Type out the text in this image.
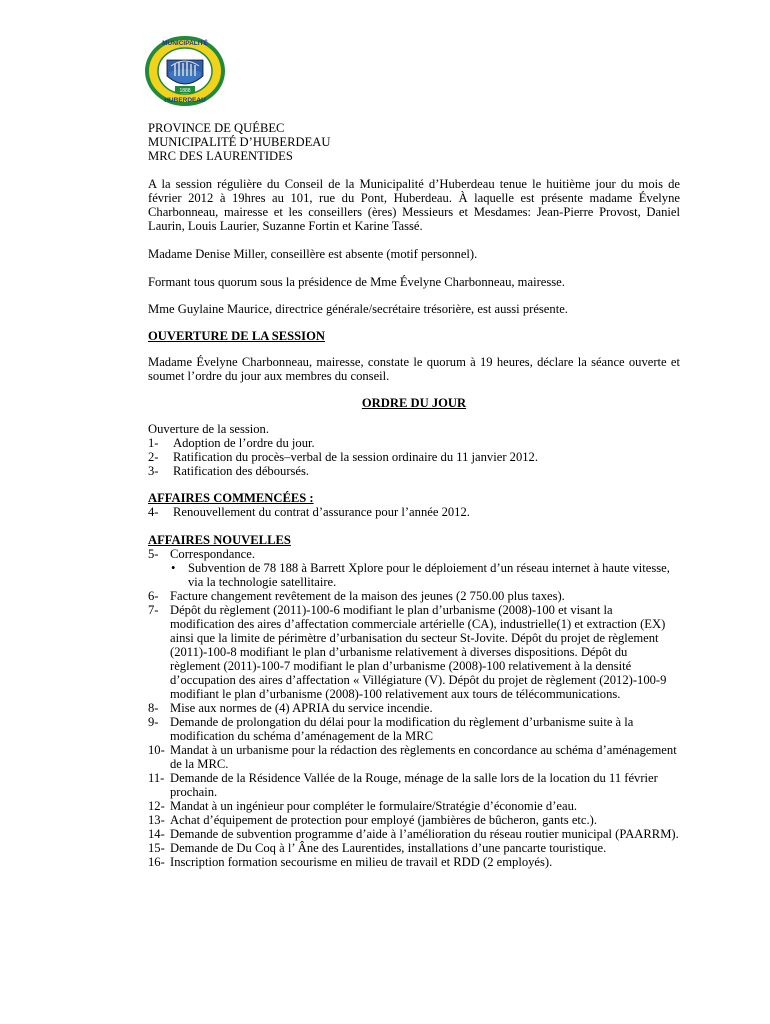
1888
MUNICIPALITÉ
HUBERDEAU
PROVINCE DE QUÉBEC
MUNICIPALITÉ D’HUBERDEAU
MRC DES LAURENTIDES

A la session régulière du Conseil de la Municipalité d’Huberdeau tenue le huitième jour du mois de février 2012 à 19hres au 101, rue du Pont, Huberdeau. À laquelle est présente madame Évelyne Charbonneau, mairesse et les conseillers (ères) Messieurs et Mesdames: Jean-Pierre Provost, Daniel Laurin, Louis Laurier, Suzanne Fortin et Karine Tassé.

Madame Denise Miller, conseillère est absente (motif personnel).

Formant tous quorum sous la présidence de Mme Évelyne Charbonneau, mairesse.

Mme Guylaine Maurice, directrice générale/secrétaire trésorière, est aussi présente.

OUVERTURE DE LA SESSION

Madame Évelyne Charbonneau, mairesse, constate le quorum à 19 heures, déclare la séance ouverte et soumet l’ordre du jour aux membres du conseil.

ORDRE DU JOUR

Ouverture de la session.

1- Adoption de l’ordre du jour.
2- Ratification du procès–verbal de la session ordinaire du 11 janvier 2012.
3- Ratification des déboursés.

AFFAIRES COMMENCÉES :

4- Renouvellement du contrat d’assurance pour l’année 2012.

AFFAIRES NOUVELLES

5- Correspondance.
• Subvention de 78 188 à Barrett Xplore pour le déploiement d’un réseau internet à haute vitesse, via la technologie satellitaire.
6- Facture changement revêtement de la maison des jeunes (2 750.00 plus taxes).
7- Dépôt du règlement (2011)-100-6 modifiant le plan d’urbanisme (2008)-100 et visant la modification des aires d’affectation commerciale artérielle (CA), industrielle(1) et extraction (EX) ainsi que la limite de périmètre d’urbanisation du secteur St-Jovite. Dépôt du projet de règlement (2011)-100-8 modifiant le plan d’urbanisme relativement à diverses dispositions. Dépôt du règlement (2011)-100-7 modifiant le plan d’urbanisme (2008)-100 relativement à la densité d’occupation des aires d’affectation « Villégiature (V). Dépôt du projet de règlement (2012)-100-9 modifiant le plan d’urbanisme (2008)-100 relativement aux tours de télécommunications.
8- Mise aux normes de (4) APRIA du service incendie.
9- Demande de prolongation du délai pour la modification du règlement d’urbanisme suite à la modification du schéma d’aménagement de la MRC
10- Mandat à un urbanisme pour la rédaction des règlements en concordance au schéma d’aménagement de la MRC.
11- Demande de la Résidence Vallée de la Rouge, ménage de la salle lors de la location du 11 février prochain.
12- Mandat à un ingénieur pour compléter le formulaire/Stratégie d’économie d’eau.
13- Achat d’équipement de protection pour employé (jambières de bûcheron, gants etc.).
14- Demande de subvention programme d’aide à l’amélioration du réseau routier municipal (PAARRM).
15- Demande de Du Coq à l’ Âne des Laurentides, installations d’une pancarte touristique.
16- Inscription formation secourisme en milieu de travail et RDD (2 employés).
